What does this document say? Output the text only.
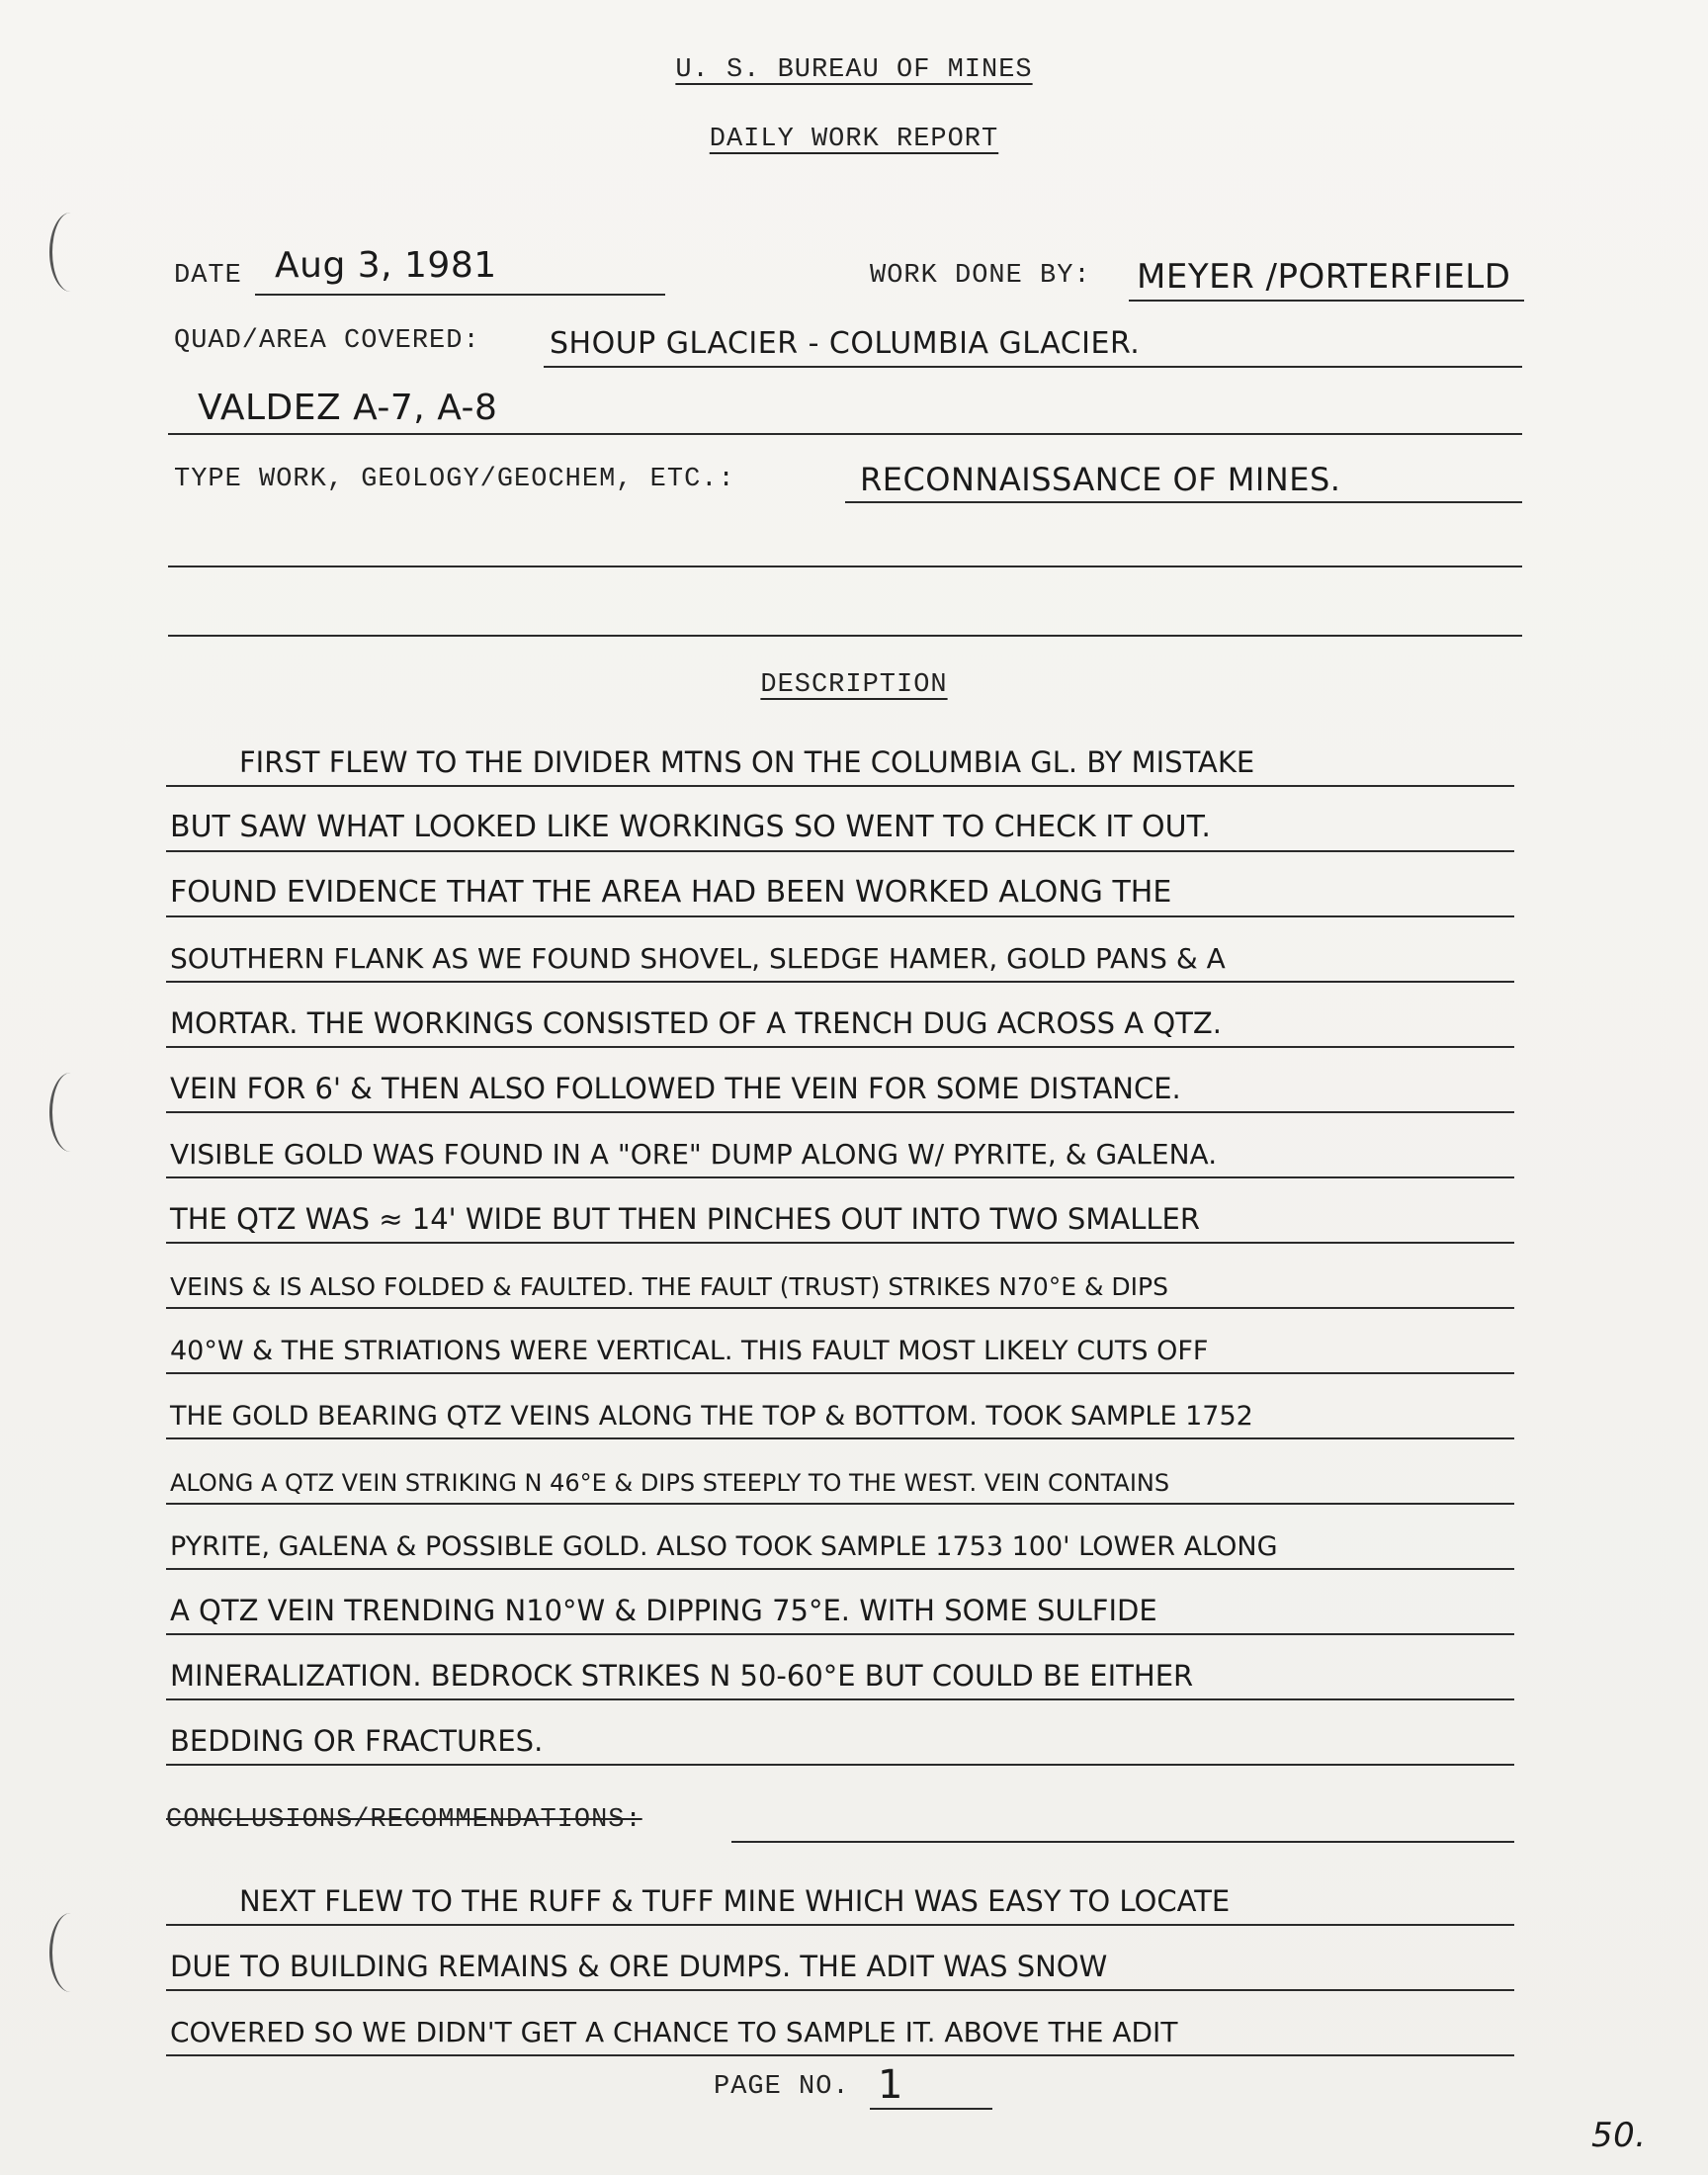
U. S. BUREAU OF MINES
DAILY WORK REPORT
DATE Aug 3, 1981	WORK DONE BY: MEYER /PORTERFIELD
QUAD/AREA COVERED: SHOUP GLACIER - COLUMBIA GLACIER.
VALDEZ A-7, A-8
TYPE WORK, GEOLOGY/GEOCHEM, ETC.:	RECONNAISSANCE OF MINES.
DESCRIPTION
FIRST FLEW TO THE DIVIDER MTNS ON THE COLUMBIA GL. BY MISTAKE
BUT SAW WHAT LOOKED LIKE WORKINGS SO WENT TO CHECK IT OUT.
FOUND EVIDENCE THAT THE AREA HAD BEEN WORKED ALONG THE
SOUTHERN FLANK AS WE FOUND SHOVEL, SLEDGE HAMER, GOLD PANS & A
MORTAR. THE WORKINGS CONSISTED OF A TRENCH DUG ACROSS A QTZ.
VEIN FOR 6' & THEN ALSO FOLLOWED THE VEIN FOR SOME DISTANCE.
VISIBLE GOLD WAS FOUND IN A "ORE" DUMP ALONG W/ PYRITE, & GALENA.
THE QTZ WAS ≈ 14' WIDE BUT THEN PINCHES OUT INTO TWO SMALLER
VEINS & IS ALSO FOLDED & FAULTED. THE FAULT (TRUST) STRIKES N70°E & DIPS
40°W & THE STRIATIONS WERE VERTICAL. THIS FAULT MOST LIKELY CUTS OFF
THE GOLD BEARING QTZ VEINS ALONG THE TOP & BOTTOM. TOOK SAMPLE 1752
ALONG A QTZ VEIN STRIKING N 46°E & DIPS STEEPLY TO THE WEST. VEIN CONTAINS
PYRITE, GALENA & POSSIBLE GOLD. ALSO TOOK SAMPLE 1753 100' LOWER ALONG
A QTZ VEIN TRENDING N10°W & DIPPING 75°E. WITH SOME SULFIDE
MINERALIZATION. BEDROCK STRIKES N 50-60°E BUT COULD BE EITHER
BEDDING OR FRACTURES.
CONCLUSIONS/RECOMMENDATIONS:
NEXT FLEW TO THE RUFF & TUFF MINE WHICH WAS EASY TO LOCATE
DUE TO BUILDING REMAINS & ORE DUMPS. THE ADIT WAS SNOW
COVERED SO WE DIDN'T GET A CHANCE TO SAMPLE IT. ABOVE THE ADIT
PAGE NO. 1
50.
